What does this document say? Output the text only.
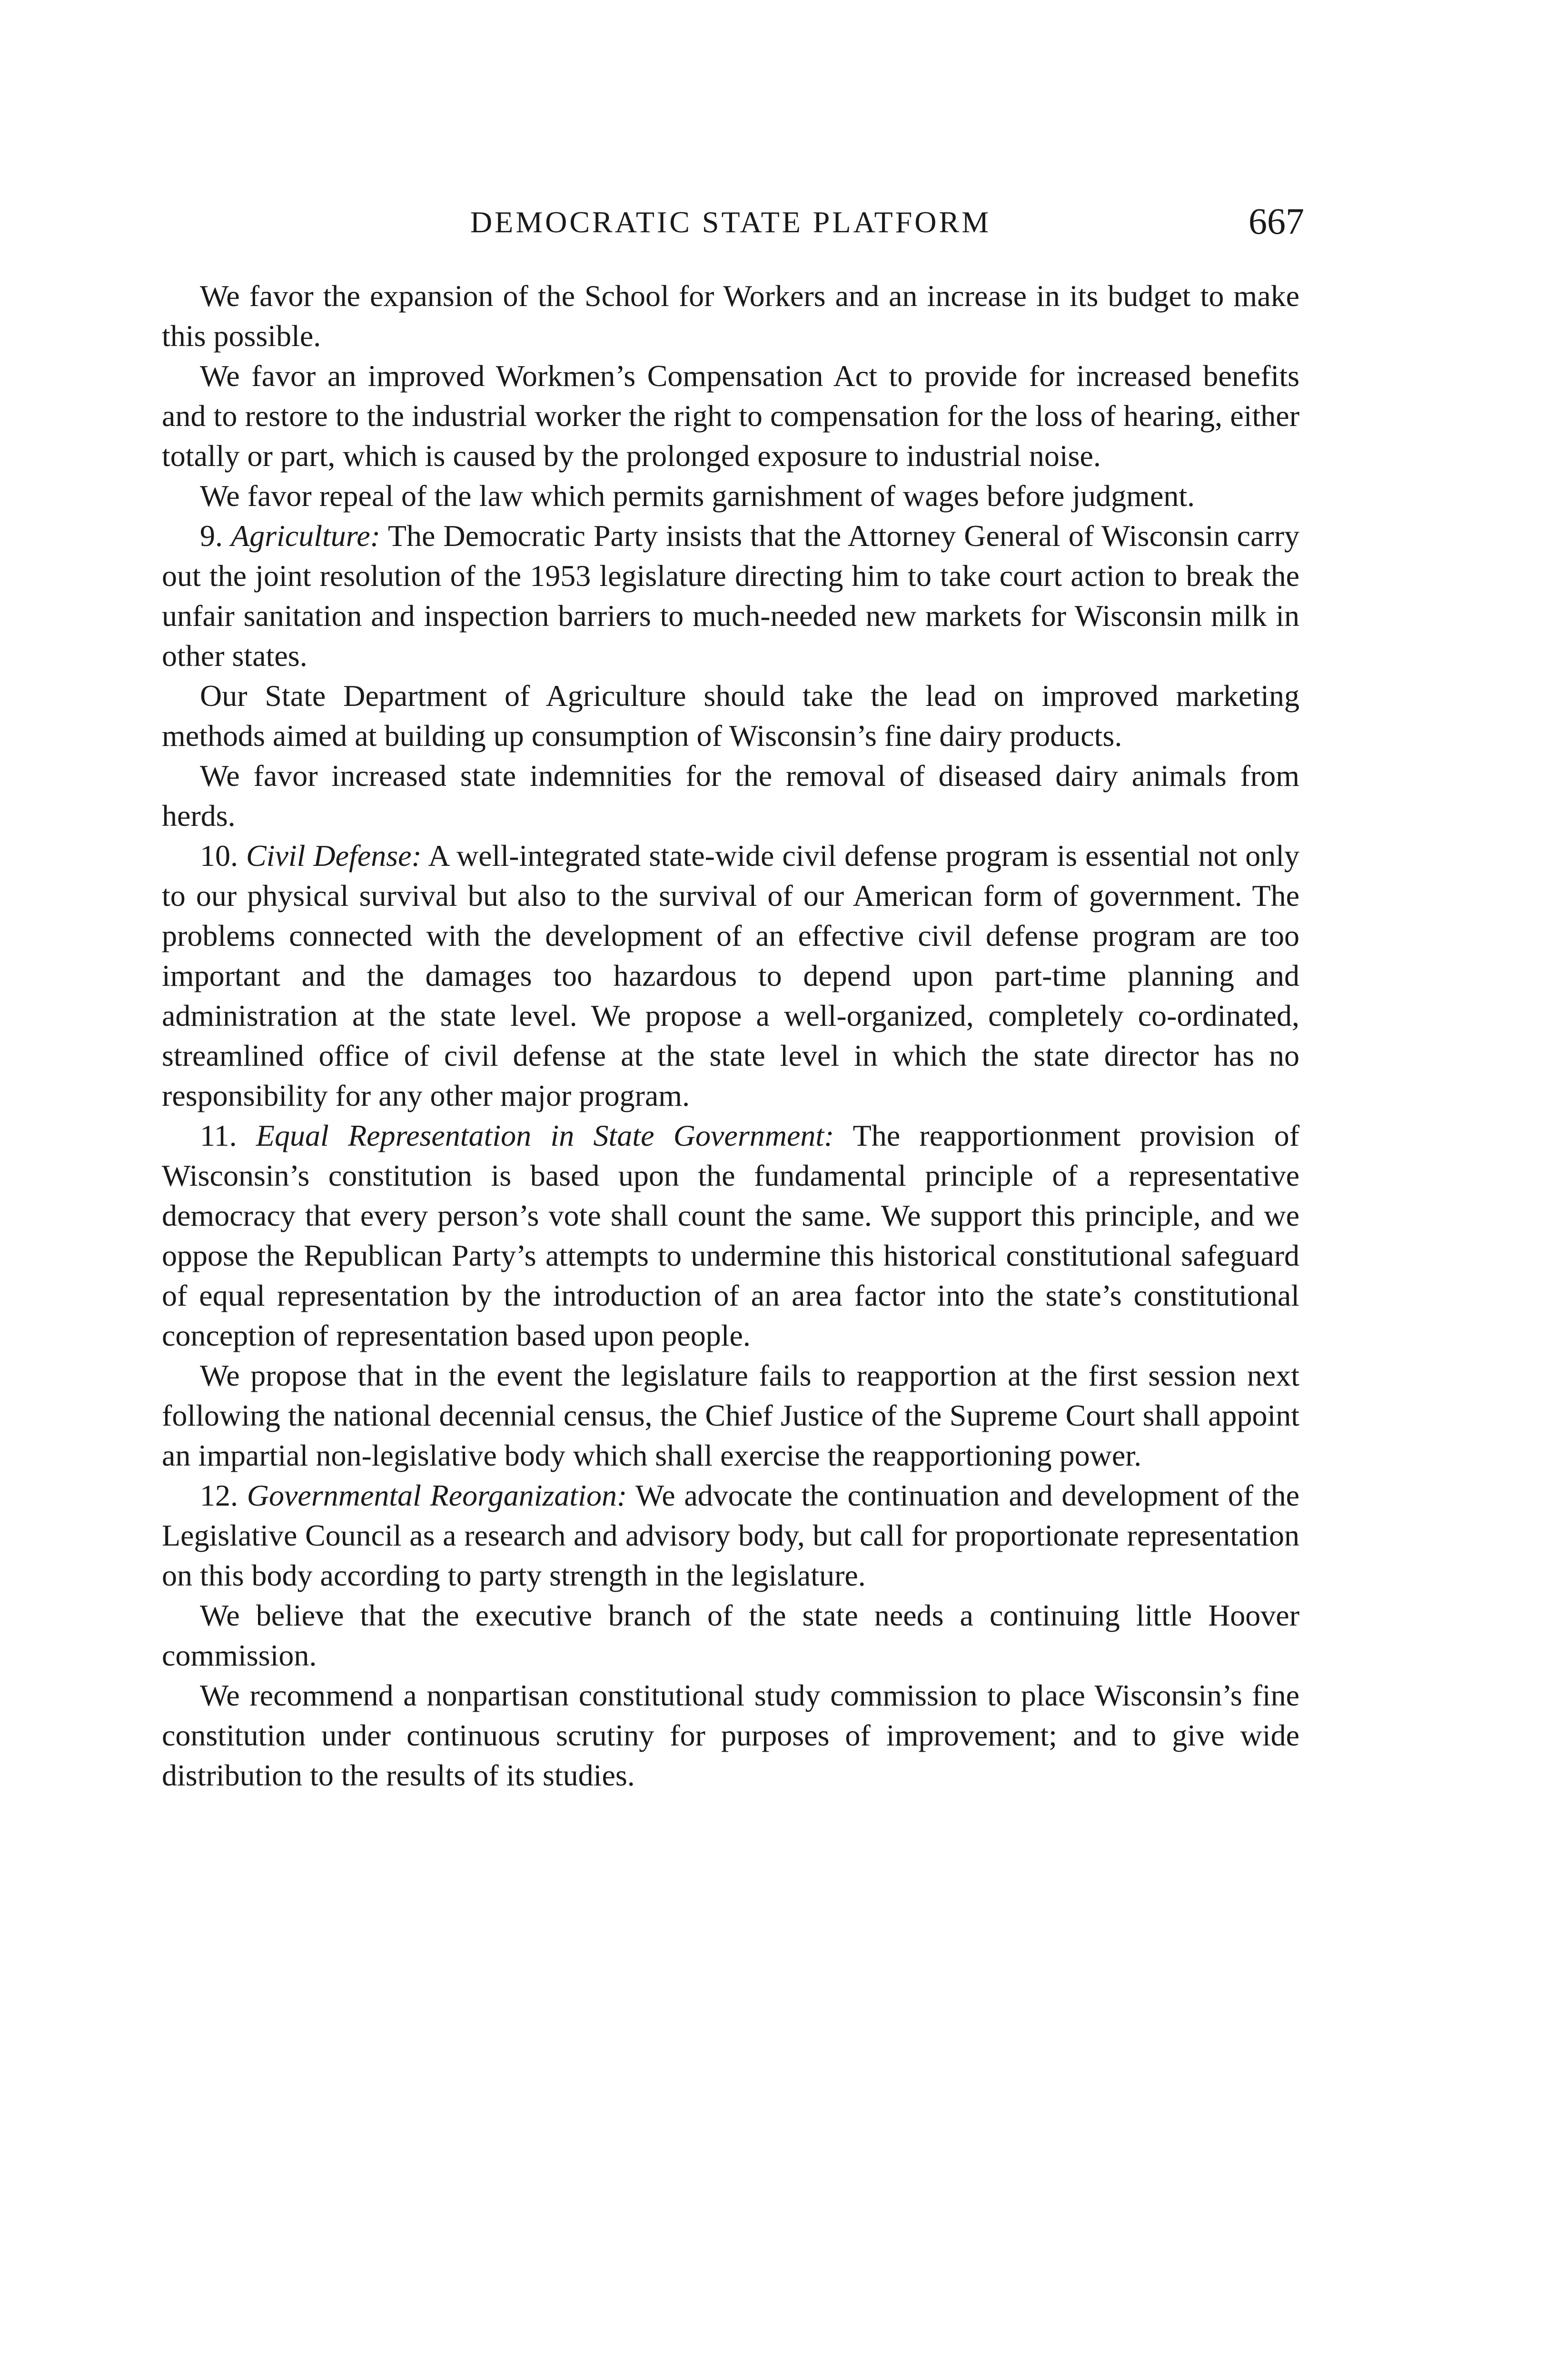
DEMOCRATIC STATE PLATFORM	667

We favor the expansion of the School for Workers and an increase in its budget to make this possible.

We favor an improved Workmen’s Compensation Act to provide for increased benefits and to restore to the industrial worker the right to compensation for the loss of hearing, either totally or part, which is caused by the prolonged exposure to industrial noise.

We favor repeal of the law which permits garnishment of wages before judgment.

9. Agriculture: The Democratic Party insists that the Attorney General of Wisconsin carry out the joint resolution of the 1953 legislature directing him to take court action to break the unfair sanitation and inspection barriers to much-needed new markets for Wisconsin milk in other states.

Our State Department of Agriculture should take the lead on improved marketing methods aimed at building up consumption of Wisconsin’s fine dairy products.

We favor increased state indemnities for the removal of diseased dairy animals from herds.

10. Civil Defense: A well-integrated state-wide civil defense program is essential not only to our physical survival but also to the survival of our American form of government. The problems connected with the development of an effective civil defense program are too important and the damages too hazardous to depend upon part-time planning and administration at the state level. We propose a well-organized, completely co-ordinated, streamlined office of civil defense at the state level in which the state director has no responsibility for any other major program.

11. Equal Representation in State Government: The reapportionment provision of Wisconsin’s constitution is based upon the fundamental principle of a representative democracy that every person’s vote shall count the same. We support this principle, and we oppose the Republican Party’s attempts to undermine this historical constitutional safeguard of equal representation by the introduction of an area factor into the state’s constitutional conception of representation based upon people.

We propose that in the event the legislature fails to reapportion at the first session next following the national decennial census, the Chief Justice of the Supreme Court shall appoint an impartial non-legislative body which shall exercise the reapportioning power.

12. Governmental Reorganization: We advocate the continuation and development of the Legislative Council as a research and advisory body, but call for proportionate representation on this body according to party strength in the legislature.

We believe that the executive branch of the state needs a continuing little Hoover commission.

We recommend a nonpartisan constitutional study commission to place Wisconsin’s fine constitution under continuous scrutiny for purposes of improvement; and to give wide distribution to the results of its studies.
